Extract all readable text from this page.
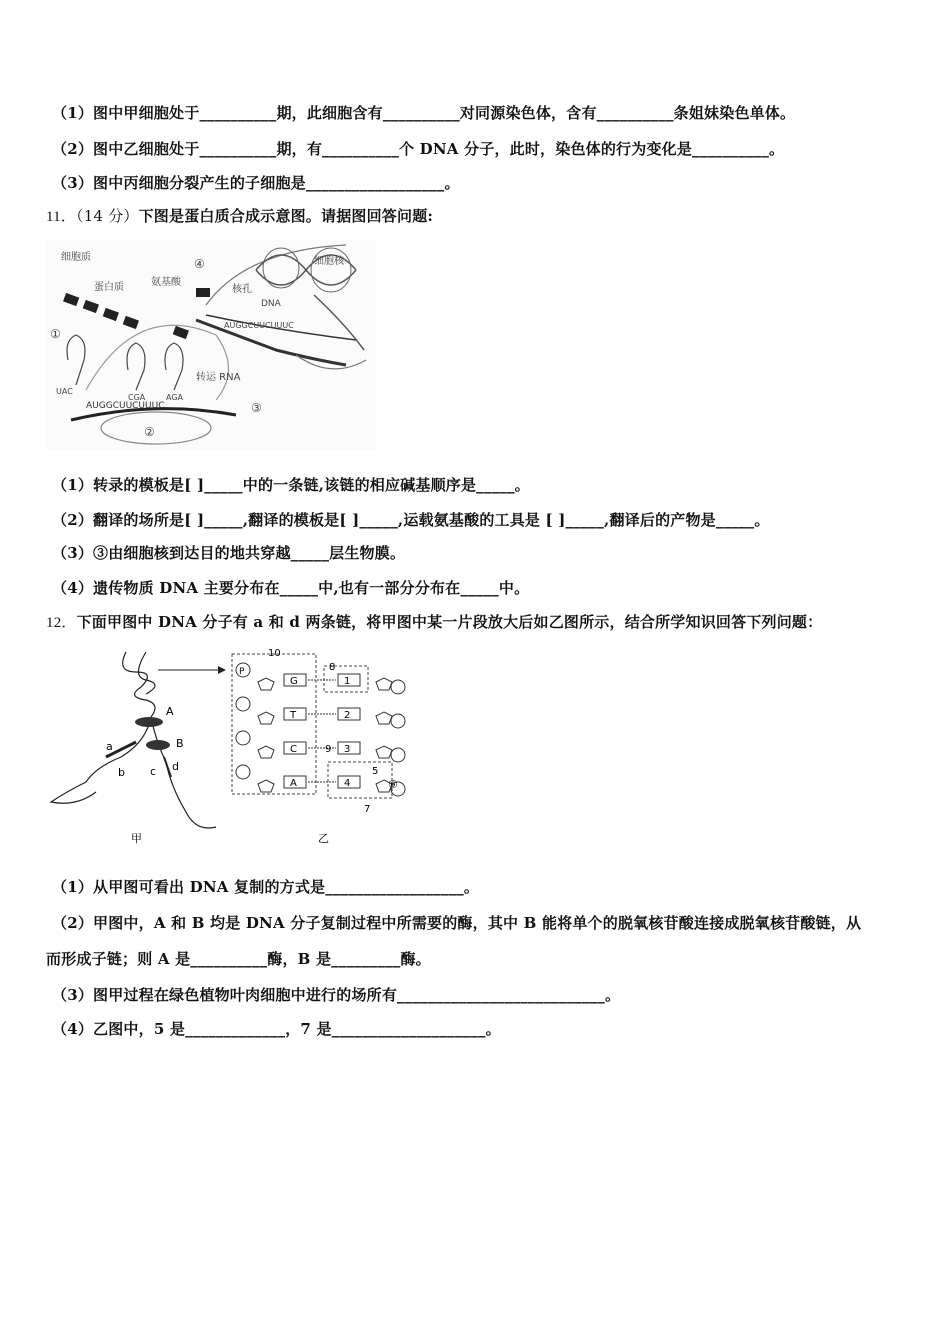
（1）图中甲细胞处于__________期，此细胞含有__________对同源染色体，含有__________条姐妹染色单体。
（2）图中乙细胞处于__________期，有__________个 DNA 分子，此时，染色体的行为变化是__________。
（3）图中丙细胞分裂产生的子细胞是__________________。
11．（14 分）下图是蛋白质合成示意图。请据图回答问题:
AUGGCUUCUUUC
AUGGCUUCUUUC
细胞质
蛋白质	氨基酸
细胞核
核孔
DNA
转运 RNA
①
②
③
④
UAC
CGA	AGA
（1）转录的模板是[ ]_____中的一条链,该链的相应碱基顺序是_____。
（2）翻译的场所是[ ]_____,翻译的模板是[ ]_____,运载氨基酸的工具是 [ ]_____,翻译后的产物是_____。
（3）③由细胞核到达目的地共穿越_____层生物膜。
（4）遗传物质 DNA 主要分布在_____中,也有一部分分布在_____中。
12．下面甲图中 DNA 分子有 a 和 d 两条链，将甲图中某一片段放大后如乙图所示，结合所学知识回答下列问题：
A
B
a
b c d
甲
10
P
G
T
C
A
1
2
3
4
8
9
5
⑥
7
乙
（1）从甲图可看出 DNA 复制的方式是__________________。
（2）甲图中，A 和 B 均是 DNA 分子复制过程中所需要的酶，其中 B 能将单个的脱氧核苷酸连接成脱氧核苷酸链，从
而形成子链；则 A 是__________酶，B 是_________酶。
（3）图甲过程在绿色植物叶肉细胞中进行的场所有___________________________。
（4）乙图中，5 是_____________，7 是____________________。
